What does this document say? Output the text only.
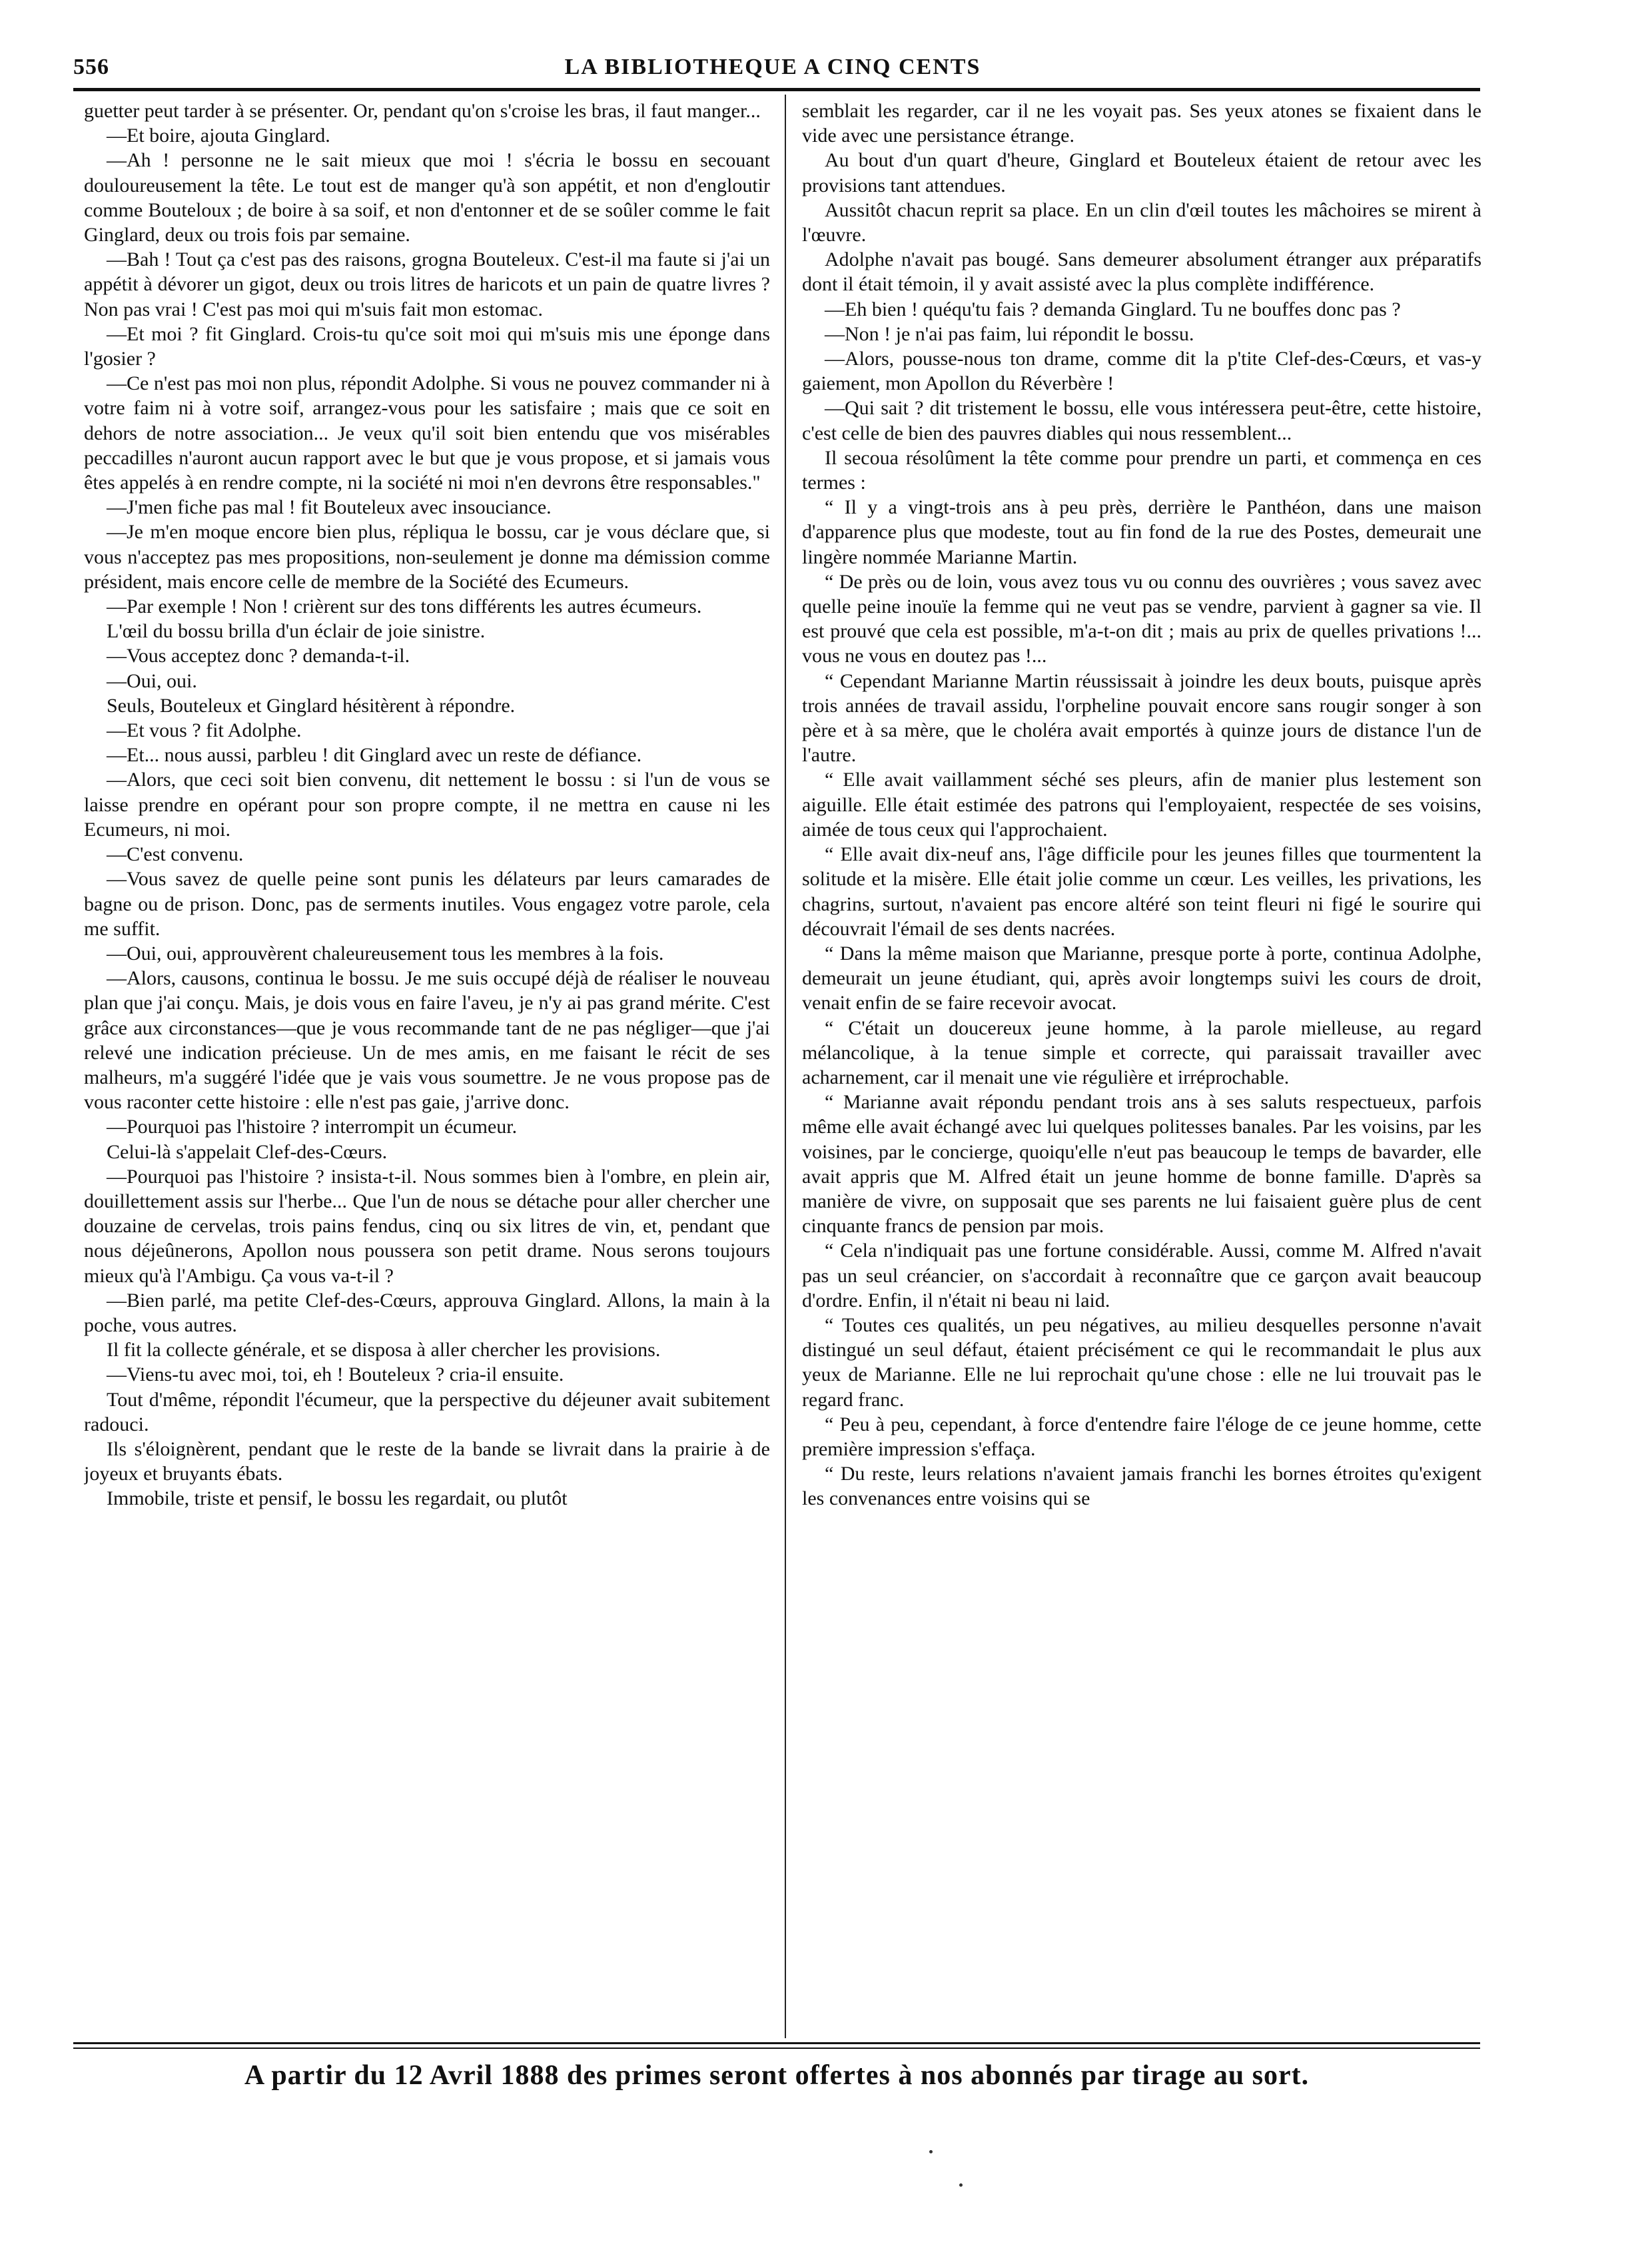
556	LA BIBLIOTHEQUE A CINQ CENTS

guetter peut tarder à se présenter. Or, pendant qu'on s'croise les bras, il faut manger...

—Et boire, ajouta Ginglard.

—Ah ! personne ne le sait mieux que moi ! s'écria le bossu en secouant douloureusement la tête. Le tout est de manger qu'à son appétit, et non d'engloutir comme Bouteloux ; de boire à sa soif, et non d'entonner et de se soûler comme le fait Ginglard, deux ou trois fois par semaine.

—Bah ! Tout ça c'est pas des raisons, grogna Bouteleux. C'est-il ma faute si j'ai un appétit à dévorer un gigot, deux ou trois litres de haricots et un pain de quatre livres ? Non pas vrai ! C'est pas moi qui m'suis fait mon estomac.

—Et moi ? fit Ginglard. Crois-tu qu'ce soit moi qui m'suis mis une éponge dans l'gosier ?

—Ce n'est pas moi non plus, répondit Adolphe. Si vous ne pouvez commander ni à votre faim ni à votre soif, arrangez-vous pour les satisfaire ; mais que ce soit en dehors de notre association... Je veux qu'il soit bien entendu que vos misérables peccadilles n'auront aucun rapport avec le but que je vous propose, et si jamais vous êtes appelés à en rendre compte, ni la société ni moi n'en devrons être responsables."

—J'men fiche pas mal ! fit Bouteleux avec insouciance.

—Je m'en moque encore bien plus, répliqua le bossu, car je vous déclare que, si vous n'acceptez pas mes propositions, non-seulement je donne ma démission comme président, mais encore celle de membre de la Société des Ecumeurs.

—Par exemple ! Non ! crièrent sur des tons différents les autres écumeurs.

L'œil du bossu brilla d'un éclair de joie sinistre.

—Vous acceptez donc ? demanda-t-il.

—Oui, oui.

Seuls, Bouteleux et Ginglard hésitèrent à répondre.

—Et vous ? fit Adolphe.

—Et... nous aussi, parbleu ! dit Ginglard avec un reste de défiance.

—Alors, que ceci soit bien convenu, dit nettement le bossu : si l'un de vous se laisse prendre en opérant pour son propre compte, il ne mettra en cause ni les Ecumeurs, ni moi.

—C'est convenu.

—Vous savez de quelle peine sont punis les délateurs par leurs camarades de bagne ou de prison. Donc, pas de serments inutiles. Vous engagez votre parole, cela me suffit.

—Oui, oui, approuvèrent chaleureusement tous les membres à la fois.

—Alors, causons, continua le bossu. Je me suis occupé déjà de réaliser le nouveau plan que j'ai conçu. Mais, je dois vous en faire l'aveu, je n'y ai pas grand mérite. C'est grâce aux circonstances—que je vous recommande tant de ne pas négliger—que j'ai relevé une indication précieuse. Un de mes amis, en me faisant le récit de ses malheurs, m'a suggéré l'idée que je vais vous soumettre. Je ne vous propose pas de vous raconter cette histoire : elle n'est pas gaie, j'arrive donc.

—Pourquoi pas l'histoire ? interrompit un écumeur.

Celui-là s'appelait Clef-des-Cœurs.

—Pourquoi pas l'histoire ? insista-t-il. Nous sommes bien à l'ombre, en plein air, douillettement assis sur l'herbe... Que l'un de nous se détache pour aller chercher une douzaine de cervelas, trois pains fendus, cinq ou six litres de vin, et, pendant que nous déjeûnerons, Apollon nous poussera son petit drame. Nous serons toujours mieux qu'à l'Ambigu. Ça vous va-t-il ?

—Bien parlé, ma petite Clef-des-Cœurs, approuva Ginglard. Allons, la main à la poche, vous autres.

Il fit la collecte générale, et se disposa à aller chercher les provisions.

—Viens-tu avec moi, toi, eh ! Bouteleux ? cria-il ensuite.

Tout d'même, répondit l'écumeur, que la perspective du déjeuner avait subitement radouci.

Ils s'éloignèrent, pendant que le reste de la bande se livrait dans la prairie à de joyeux et bruyants ébats.

Immobile, triste et pensif, le bossu les regardait, ou plutôt

semblait les regarder, car il ne les voyait pas. Ses yeux atones se fixaient dans le vide avec une persistance étrange.

Au bout d'un quart d'heure, Ginglard et Bouteleux étaient de retour avec les provisions tant attendues.

Aussitôt chacun reprit sa place. En un clin d'œil toutes les mâchoires se mirent à l'œuvre.

Adolphe n'avait pas bougé. Sans demeurer absolument étranger aux préparatifs dont il était témoin, il y avait assisté avec la plus complète indifférence.

—Eh bien ! quéqu'tu fais ? demanda Ginglard. Tu ne bouffes donc pas ?

—Non ! je n'ai pas faim, lui répondit le bossu.

—Alors, pousse-nous ton drame, comme dit la p'tite Clef-des-Cœurs, et vas-y gaiement, mon Apollon du Réverbère !

—Qui sait ? dit tristement le bossu, elle vous intéressera peut-être, cette histoire, c'est celle de bien des pauvres diables qui nous ressemblent...

Il secoua résolûment la tête comme pour prendre un parti, et commença en ces termes :

“ Il y a vingt-trois ans à peu près, derrière le Panthéon, dans une maison d'apparence plus que modeste, tout au fin fond de la rue des Postes, demeurait une lingère nommée Marianne Martin.

“ De près ou de loin, vous avez tous vu ou connu des ouvrières ; vous savez avec quelle peine inouïe la femme qui ne veut pas se vendre, parvient à gagner sa vie. Il est prouvé que cela est possible, m'a-t-on dit ; mais au prix de quelles privations !... vous ne vous en doutez pas !...

“ Cependant Marianne Martin réussissait à joindre les deux bouts, puisque après trois années de travail assidu, l'orpheline pouvait encore sans rougir songer à son père et à sa mère, que le choléra avait emportés à quinze jours de distance l'un de l'autre.

“ Elle avait vaillamment séché ses pleurs, afin de manier plus lestement son aiguille. Elle était estimée des patrons qui l'employaient, respectée de ses voisins, aimée de tous ceux qui l'approchaient.

“ Elle avait dix-neuf ans, l'âge difficile pour les jeunes filles que tourmentent la solitude et la misère. Elle était jolie comme un cœur. Les veilles, les privations, les chagrins, surtout, n'avaient pas encore altéré son teint fleuri ni figé le sourire qui découvrait l'émail de ses dents nacrées.

“ Dans la même maison que Marianne, presque porte à porte, continua Adolphe, demeurait un jeune étudiant, qui, après avoir longtemps suivi les cours de droit, venait enfin de se faire recevoir avocat.

“ C'était un doucereux jeune homme, à la parole mielleuse, au regard mélancolique, à la tenue simple et correcte, qui paraissait travailler avec acharnement, car il menait une vie régulière et irréprochable.

“ Marianne avait répondu pendant trois ans à ses saluts respectueux, parfois même elle avait échangé avec lui quelques politesses banales. Par les voisins, par les voisines, par le concierge, quoiqu'elle n'eut pas beaucoup le temps de bavarder, elle avait appris que M. Alfred était un jeune homme de bonne famille. D'après sa manière de vivre, on supposait que ses parents ne lui faisaient guère plus de cent cinquante francs de pension par mois.

“ Cela n'indiquait pas une fortune considérable. Aussi, comme M. Alfred n'avait pas un seul créancier, on s'accordait à reconnaître que ce garçon avait beaucoup d'ordre. Enfin, il n'était ni beau ni laid.

“ Toutes ces qualités, un peu négatives, au milieu desquelles personne n'avait distingué un seul défaut, étaient précisément ce qui le recommandait le plus aux yeux de Marianne. Elle ne lui reprochait qu'une chose : elle ne lui trouvait pas le regard franc.

“ Peu à peu, cependant, à force d'entendre faire l'éloge de ce jeune homme, cette première impression s'effaça.

“ Du reste, leurs relations n'avaient jamais franchi les bornes étroites qu'exigent les convenances entre voisins qui se

A partir du 12 Avril 1888 des primes seront offertes à nos abonnés par tirage au sort.
